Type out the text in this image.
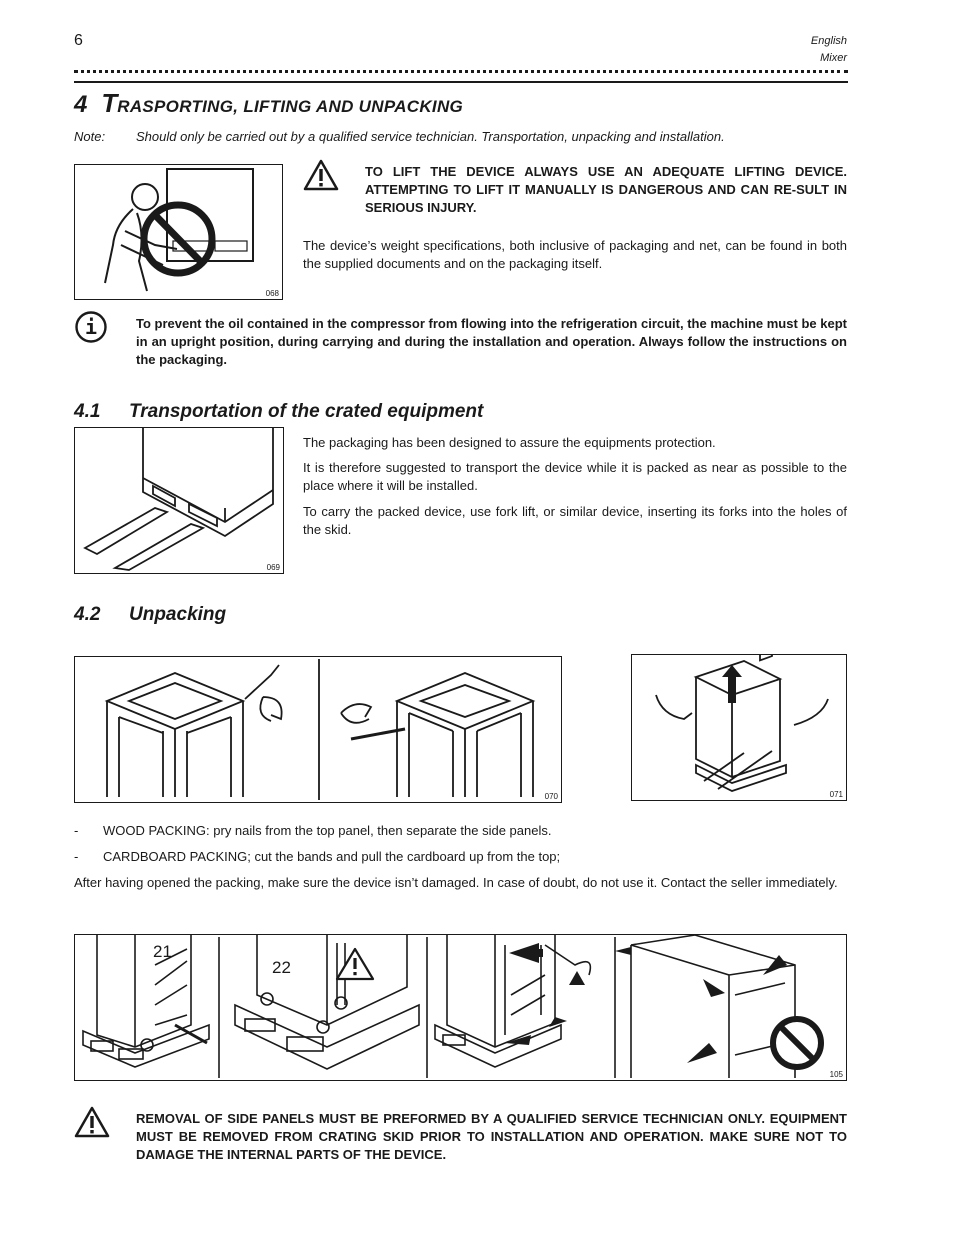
6	English
Mixer
4 TRASPORTING, LIFTING AND UNPACKING
Note: Should only be carried out by a qualified service technician. Transportation, unpacking and installation.
068
TO LIFT THE DEVICE ALWAYS USE AN ADEQUATE LIFTING DEVICE. ATTEMPTING TO LIFT IT MANUALLY IS DANGEROUS AND CAN RE-SULT IN SERIOUS INJURY.
The device’s weight specifications, both inclusive of packaging and net, can be found in both the supplied documents and on the packaging itself.
i	To prevent the oil contained in the compressor from flowing into the refrigeration circuit, the machine must be kept in an upright position, during carrying and during the installation and operation. Always follow the instructions on the packaging.
4.1 Transportation of the crated equipment
069
The packaging has been designed to assure the equipments protection.
It is therefore suggested to transport the device while it is packed as near as possible to the place where it will be installed.
To carry the packed device, use fork lift, or similar device, inserting its forks into the holes of the skid.
4.2 Unpacking
070	071
- WOOD PACKING: pry nails from the top panel, then separate the side panels.
- CARDBOARD PACKING; cut the bands and pull the cardboard up from the top;
After having opened the packing, make sure the device isn’t damaged. In case of doubt, do not use it. Contact the seller immediately.
21
22
105
REMOVAL OF SIDE PANELS MUST BE PREFORMED BY A QUALIFIED SERVICE TECHNICIAN ONLY. EQUIPMENT MUST BE REMOVED FROM CRATING SKID PRIOR TO INSTALLATION AND OPERATION. MAKE SURE NOT TO DAMAGE THE INTERNAL PARTS OF THE DEVICE.
